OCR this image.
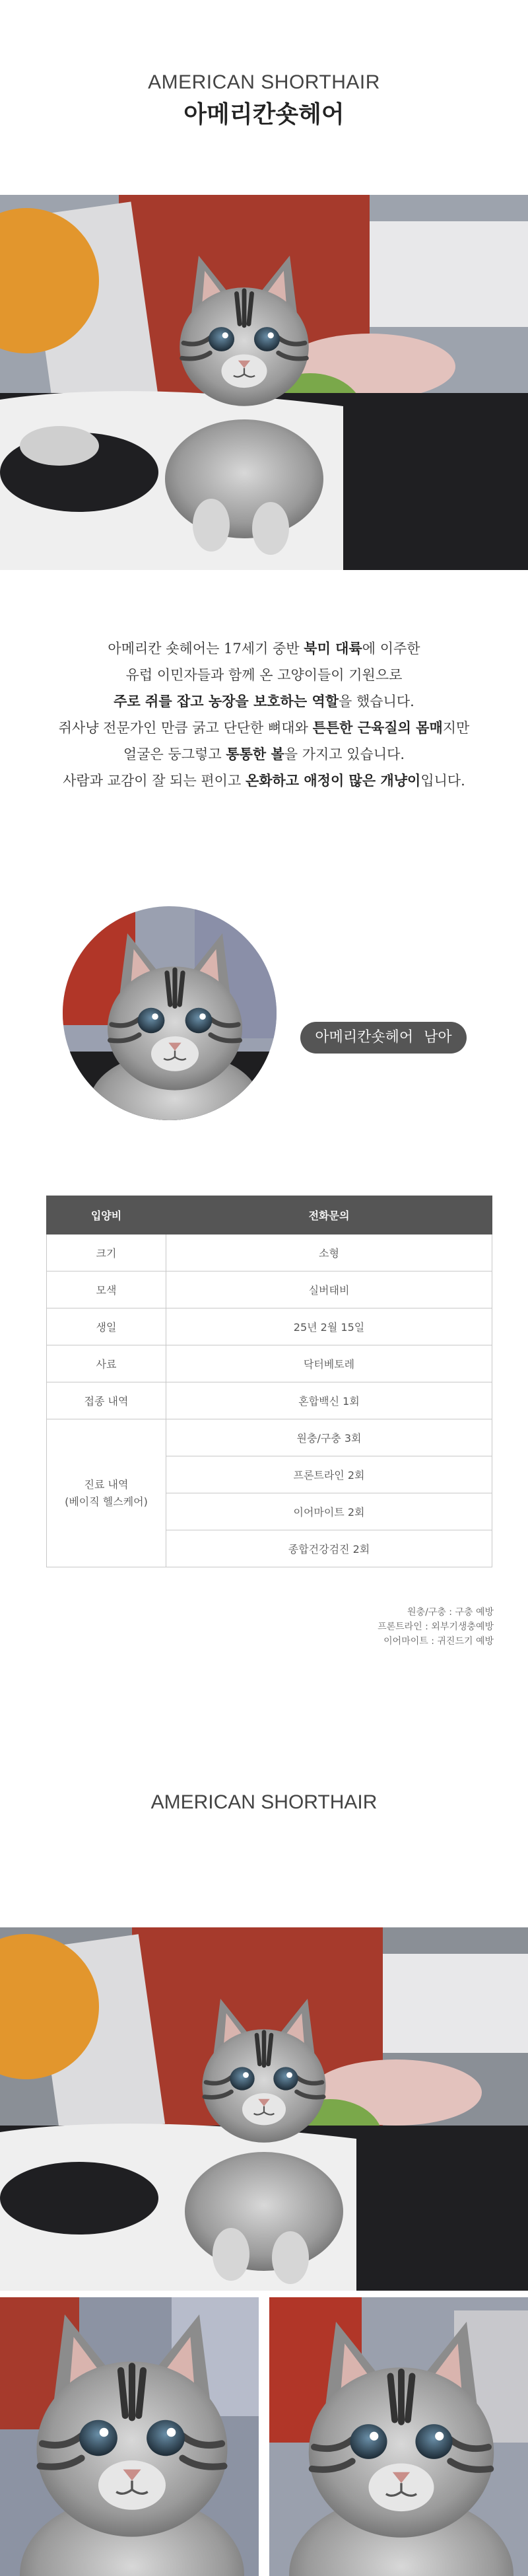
AMERICAN SHORTHAIR
아메리칸숏헤어

아메리칸 숏헤어는 17세기 중반 북미 대륙에 이주한

유럽 이민자들과 함께 온 고양이들이 기원으로

주로 쥐를 잡고 농장을 보호하는 역할을 했습니다.

쥐사냥 전문가인 만큼 굵고 단단한 뼈대와 튼튼한 근육질의 몸매지만

얼굴은 둥그렇고 통통한 볼을 가지고 있습니다.

사람과 교감이 잘 되는 편이고 온화하고 애정이 많은 개냥이입니다.

아메리칸숏헤어 남아
입양비	전화문의
크기	소형
모색	실버태비
생일	25년 2월 15일
사료	닥터베토레
접종 내역	혼합백신 1회

진료 내역
(베이직 헬스케어)	원충/구충 3회
	프론트라인 2회
	이어마이트 2회
	종합건강검진 2회
원충/구충 : 구충 예방
프론트라인 : 외부기생충예방
이어마이트 : 귀진드기 예방
AMERICAN SHORTHAIR
